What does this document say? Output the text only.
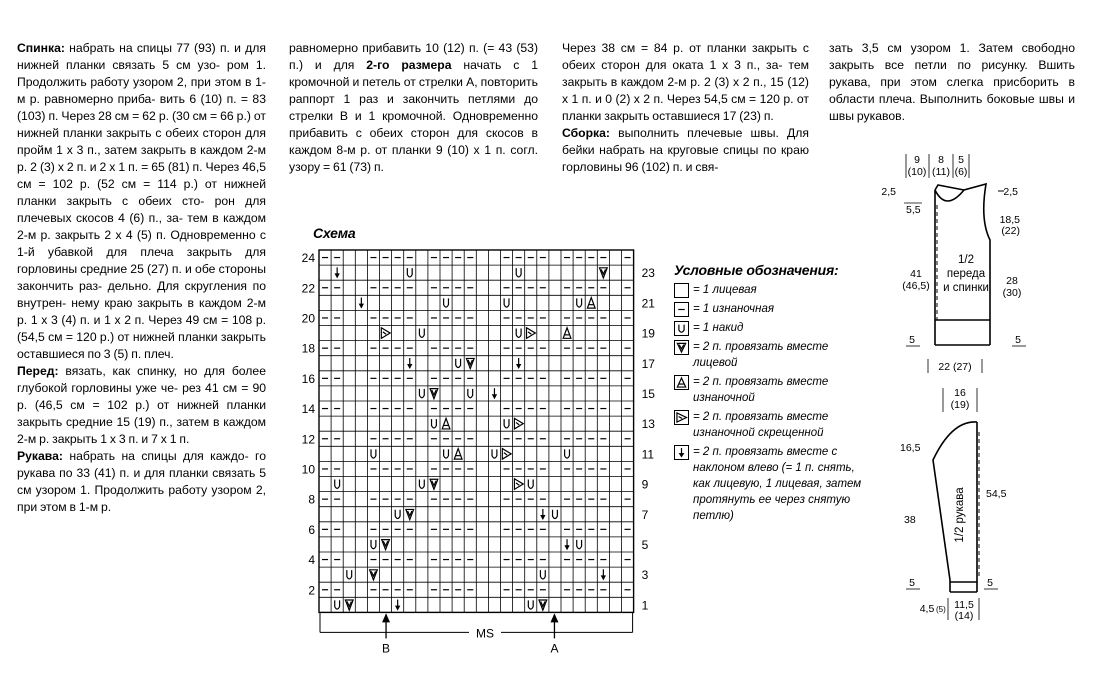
Спинка: набрать на спицы 77 (93) п. и для нижней планки связать 5 см узо- ром 1. Продолжить работу узором 2, при этом в 1-м р. равномерно приба- вить 6 (10) п. = 83 (103) п. Через 28 см = 62 р. (30 см = 66 р.) от нижней планки закрыть с обеих сторон для пройм 1 х 3 п., затем закрыть в каждом 2-м р. 2 (3) х 2 п. и 2 х 1 п. = 65 (81) п. Через 46,5 см = 102 р. (52 см = 114 р.) от нижней планки закрыть с обеих сто- рон для плечевых скосов 4 (6) п., за- тем в каждом 2-м р. закрыть 2 х 4 (5) п. Одновременно с 1-й убавкой для плеча закрыть для горловины средние 25 (27) п. и обе стороны закончить раз- дельно. Для скругления по внутрен- нему краю закрыть в каждом 2-м р. 1 х 3 (4) п. и 1 х 2 п. Через 49 см = 108 р. (54,5 см = 120 р.) от нижней планки закрыть оставшиеся по 3 (5) п. плеч.

Перед: вязать, как спинку, но для более глубокой горловины уже че- рез 41 см = 90 р. (46,5 см = 102 р.) от нижней планки закрыть средние 15 (19) п., затем в каждом 2-м р. закрыть 1 х 3 п. и 7 х 1 п.

Рукава: набрать на спицы для каждо- го рукава по 33 (41) п. и для планки связать 5 см узором 1. Продолжить работу узором 2, при этом в 1-м р.

равномерно прибавить 10 (12) п. (= 43 (53) п.) и для 2-го размера начать с 1 кромочной и петель от стрелки А, повторить раппорт 1 раз и закончить петлями до стрелки В и 1 кромочной. Одновременно прибавить с обеих сторон для скосов в каждом 8-м р. от планки 9 (10) х 1 п. согл. узору = 61 (73) п.

Через 38 см = 84 р. от планки закрыть с обеих сторон для оката 1 х 3 п., за- тем закрыть в каждом 2-м р. 2 (3) х 2 п., 15 (12) х 1 п. и 0 (2) х 2 п. Через 54,5 см = 120 р. от планки закрыть оставшиеся 17 (23) п.

Сборка: выполнить плечевые швы. Для бейки набрать на круговые спицы по краю горловины 96 (102) п. и свя-

зать 3,5 см узором 1. Затем свободно закрыть все петли по рисунку. Вшить рукава, при этом слегка присборить в области плеча. Выполнить боковые швы и швы рукавов.

Схема
24
22
20
18
16
14
12
10
8
6
4
2
23
21
19
17
15
13
11
9
7
5
3
1
MS
B	A
Условные обозначения:
= 1 лицевая
= 1 изнаночная
= 1 накид
= 2 п. провязать вместе лицевой
= 2 п. провязать вместе изнаночной
= 2 п. провязать вместе изнаночной скрещенной
= 2 п. провязать вместе с наклоном влево (= 1 п. снять, как лицевую, 1 лицевая, затем протянуть ее через снятую петлю)
9
(10)
8
(11)
5
(6)
2,5	2,5
5,5
18,5
(22)
41
(46,5)	28
(30)
1/2
переда
и спинки
5	5
22 (27)
16
(19)
16,5
54,5
38	1/2 рукава
5	5
11,5
(14)
4,5 (5)
